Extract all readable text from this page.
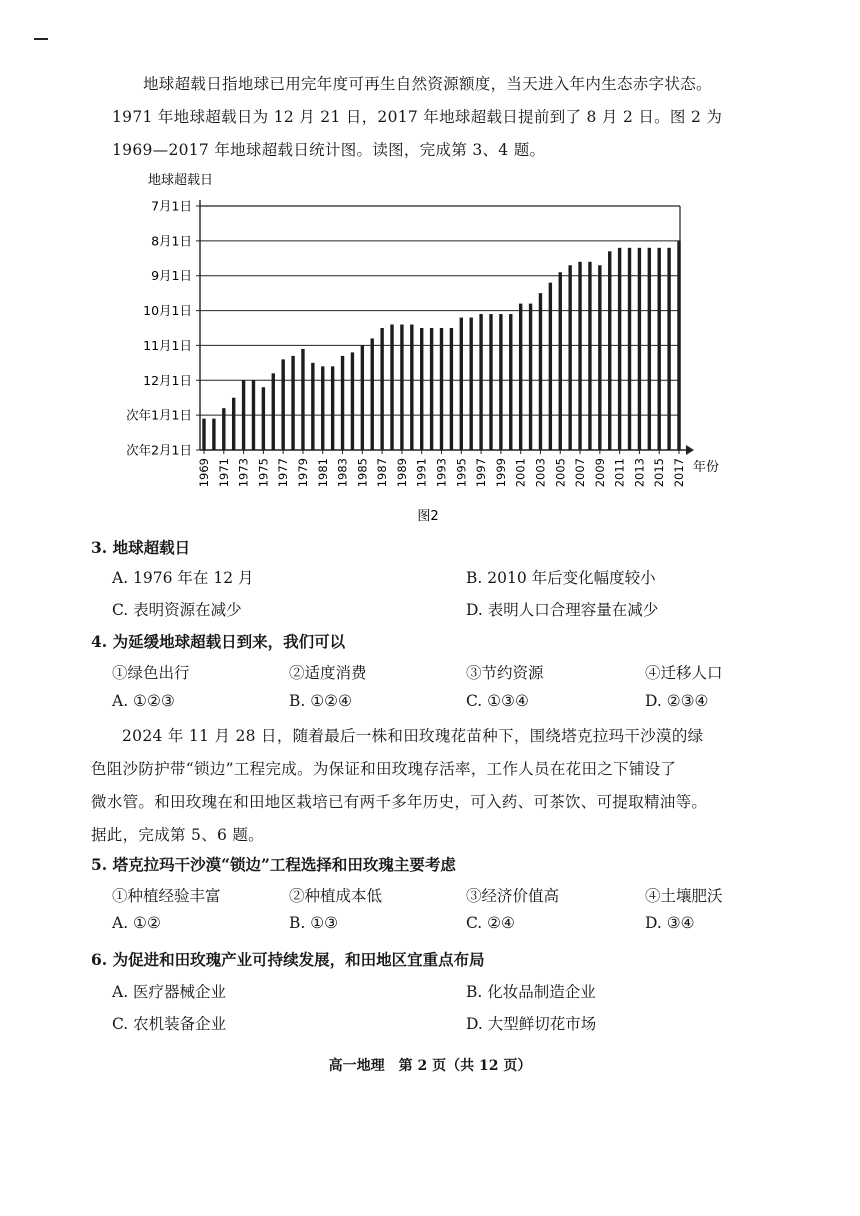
地球超载日指地球已用完年度可再生自然资源额度，当天进入年内生态赤字状态。

1971 年地球超载日为 12 月 21 日，2017 年地球超载日提前到了 8 月 2 日。图 2 为

1969—2017 年地球超载日统计图。读图，完成第 3、4 题。

地球超载日
年份
图2
7月1日
8月1日
9月1日
10月1日
11月1日
12月1日
次年1月1日
次年2月1日
1969 1971 1973 1975 1977 1979 1981 1983 1985 1987 1989 1991 1993 1995 1997 1999 2001 2003 2005 2007 2009 2011 2013 2015 2017
3. 地球超载日
A. 1976 年在 12 月	B. 2010 年后变化幅度较小
C. 表明资源在减少	D. 表明人口合理容量在减少
4. 为延缓地球超载日到来，我们可以
①绿色出行	②适度消费	③节约资源	④迁移人口
A. ①②③	B. ①②④	C. ①③④	D. ②③④

2024 年 11 月 28 日，随着最后一株和田玫瑰花苗种下，围绕塔克拉玛干沙漠的绿

色阻沙防护带“锁边”工程完成。为保证和田玫瑰存活率，工作人员在花田之下铺设了

微水管。和田玫瑰在和田地区栽培已有两千多年历史，可入药、可茶饮、可提取精油等。

据此，完成第 5、6 题。

5. 塔克拉玛干沙漠“锁边”工程选择和田玫瑰主要考虑
①种植经验丰富	②种植成本低	③经济价值高	④土壤肥沃
A. ①②	B. ①③	C. ②④	D. ③④
6. 为促进和田玫瑰产业可持续发展，和田地区宜重点布局
A. 医疗器械企业	B. 化妆品制造企业
C. 农机装备企业	D. 大型鲜切花市场
高一地理　第 2 页（共 12 页）
